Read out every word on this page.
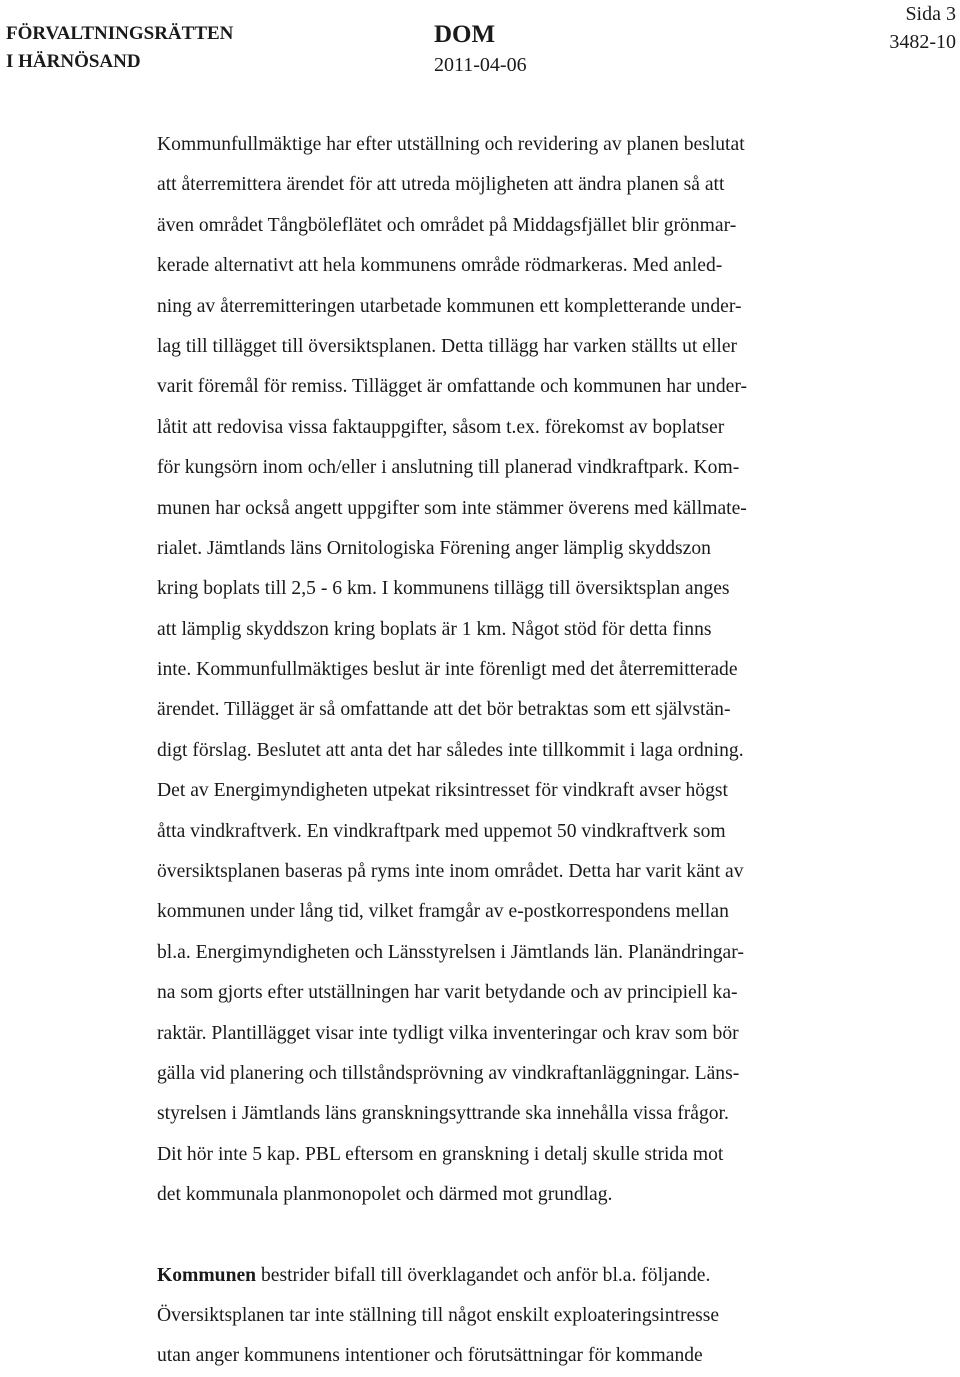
FÖRVALTNINGSRÄTTEN
I HÄRNÖSAND
DOM
2011-04-06
Sida 3
3482-10
Kommunfullmäktige har efter utställning och revidering av planen beslutat
att återremittera ärendet för att utreda möjligheten att ändra planen så att
även området Tångböleflätet och området på Middagsfjället blir grönmar-
kerade alternativt att hela kommunens område rödmarkeras. Med anled-
ning av återremitteringen utarbetade kommunen ett kompletterande under-
lag till tillägget till översiktsplanen. Detta tillägg har varken ställts ut eller
varit föremål för remiss. Tillägget är omfattande och kommunen har under-
låtit att redovisa vissa faktauppgifter, såsom t.ex. förekomst av boplatser
för kungsörn inom och/eller i anslutning till planerad vindkraftpark. Kom-
munen har också angett uppgifter som inte stämmer överens med källmate-
rialet. Jämtlands läns Ornitologiska Förening anger lämplig skyddszon
kring boplats till 2,5 - 6 km. I kommunens tillägg till översiktsplan anges
att lämplig skyddszon kring boplats är 1 km. Något stöd för detta finns
inte. Kommunfullmäktiges beslut är inte förenligt med det återremitterade
ärendet. Tillägget är så omfattande att det bör betraktas som ett självstän-
digt förslag. Beslutet att anta det har således inte tillkommit i laga ordning.
Det av Energimyndigheten utpekat riksintresset för vindkraft avser högst
åtta vindkraftverk. En vindkraftpark med uppemot 50 vindkraftverk som
översiktsplanen baseras på ryms inte inom området. Detta har varit känt av
kommunen under lång tid, vilket framgår av e-postkorrespondens mellan
bl.a. Energimyndigheten och Länsstyrelsen i Jämtlands län. Planändringar-
na som gjorts efter utställningen har varit betydande och av principiell ka-
raktär. Plantillägget visar inte tydligt vilka inventeringar och krav som bör
gälla vid planering och tillståndsprövning av vindkraftanläggningar. Läns-
styrelsen i Jämtlands läns granskningsyttrande ska innehålla vissa frågor.
Dit hör inte 5 kap. PBL eftersom en granskning i detalj skulle strida mot
det kommunala planmonopolet och därmed mot grundlag.
Kommunen bestrider bifall till överklagandet och anför bl.a. följande.
Översiktsplanen tar inte ställning till något enskilt exploateringsintresse
utan anger kommunens intentioner och förutsättningar för kommande
